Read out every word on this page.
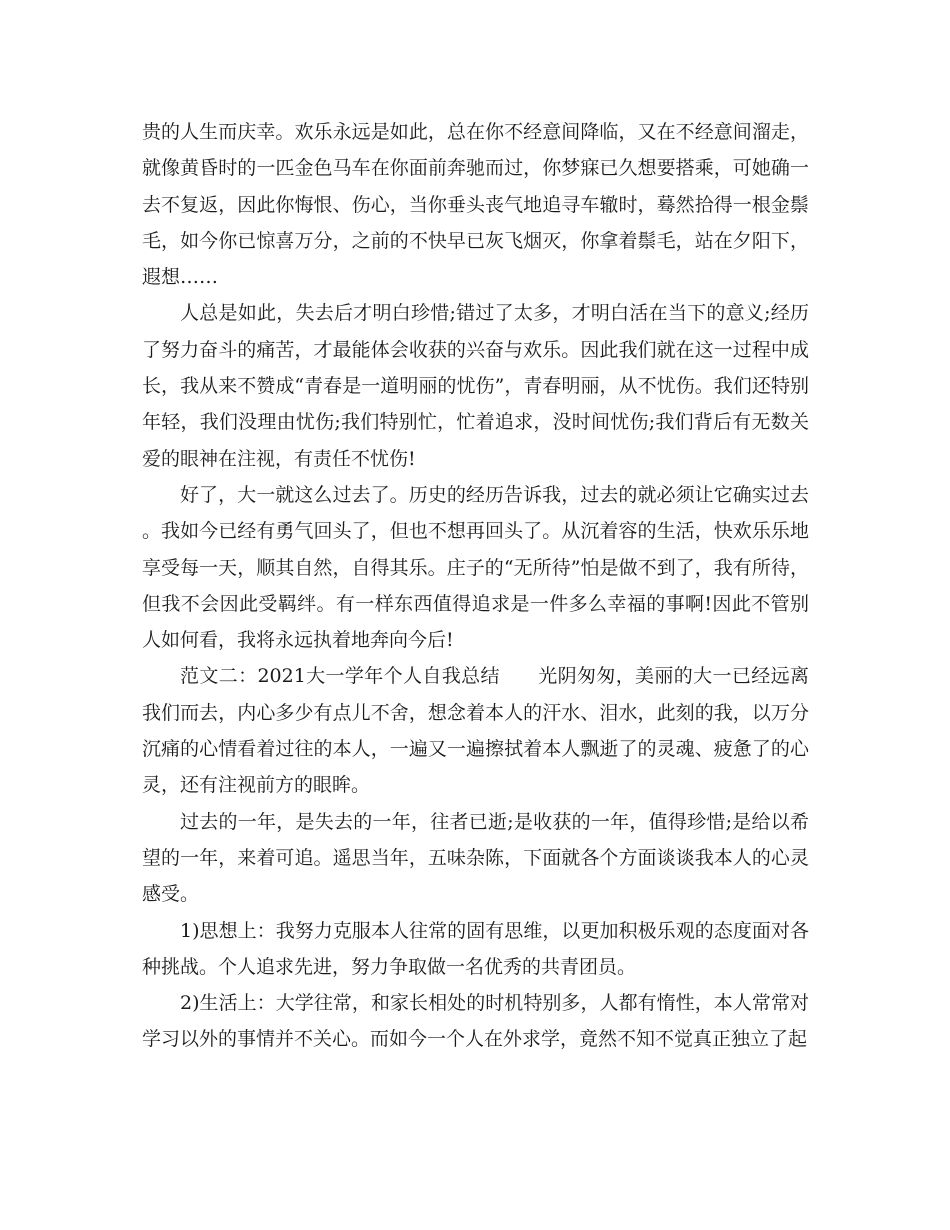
贵的人生而庆幸。欢乐永远是如此，总在你不经意间降临，又在不经意间溜走，就像黄昏时的一匹金色马车在你面前奔驰而过，你梦寐已久想要搭乘，可她确一去不复返，因此你悔恨、伤心，当你垂头丧气地追寻车辙时，蓦然拾得一根金鬃毛，如今你已惊喜万分，之前的不快早已灰飞烟灭，你拿着鬃毛，站在夕阳下，遐想……

人总是如此，失去后才明白珍惜;错过了太多，才明白活在当下的意义;经历了努力奋斗的痛苦，才最能体会收获的兴奋与欢乐。因此我们就在这一过程中成长，我从来不赞成“青春是一道明丽的忧伤”，青春明丽，从不忧伤。我们还特别年轻，我们没理由忧伤;我们特别忙，忙着追求，没时间忧伤;我们背后有无数关爱的眼神在注视，有责任不忧伤!

好了，大一就这么过去了。历史的经历告诉我，过去的就必须让它确实过去。我如今已经有勇气回头了，但也不想再回头了。从沉着容的生活，快欢乐乐地享受每一天，顺其自然，自得其乐。庄子的“无所待”怕是做不到了，我有所待，但我不会因此受羁绊。有一样东西值得追求是一件多么幸福的事啊!因此不管别人如何看，我将永远执着地奔向今后!

范文二：2021大一学年个人自我总结 光阴匆匆，美丽的大一已经远离我们而去，内心多少有点儿不舍，想念着本人的汗水、泪水，此刻的我，以万分沉痛的心情看着过往的本人，一遍又一遍擦拭着本人飘逝了的灵魂、疲惫了的心灵，还有注视前方的眼眸。

过去的一年，是失去的一年，往者已逝;是收获的一年，值得珍惜;是给以希望的一年，来着可追。遥思当年，五味杂陈，下面就各个方面谈谈我本人的心灵感受。

1)思想上：我努力克服本人往常的固有思维，以更加积极乐观的态度面对各种挑战。个人追求先进，努力争取做一名优秀的共青团员。

2)生活上：大学往常，和家长相处的时机特别多，人都有惰性，本人常常对学习以外的事情并不关心。而如今一个人在外求学，竟然不知不觉真正独立了起
